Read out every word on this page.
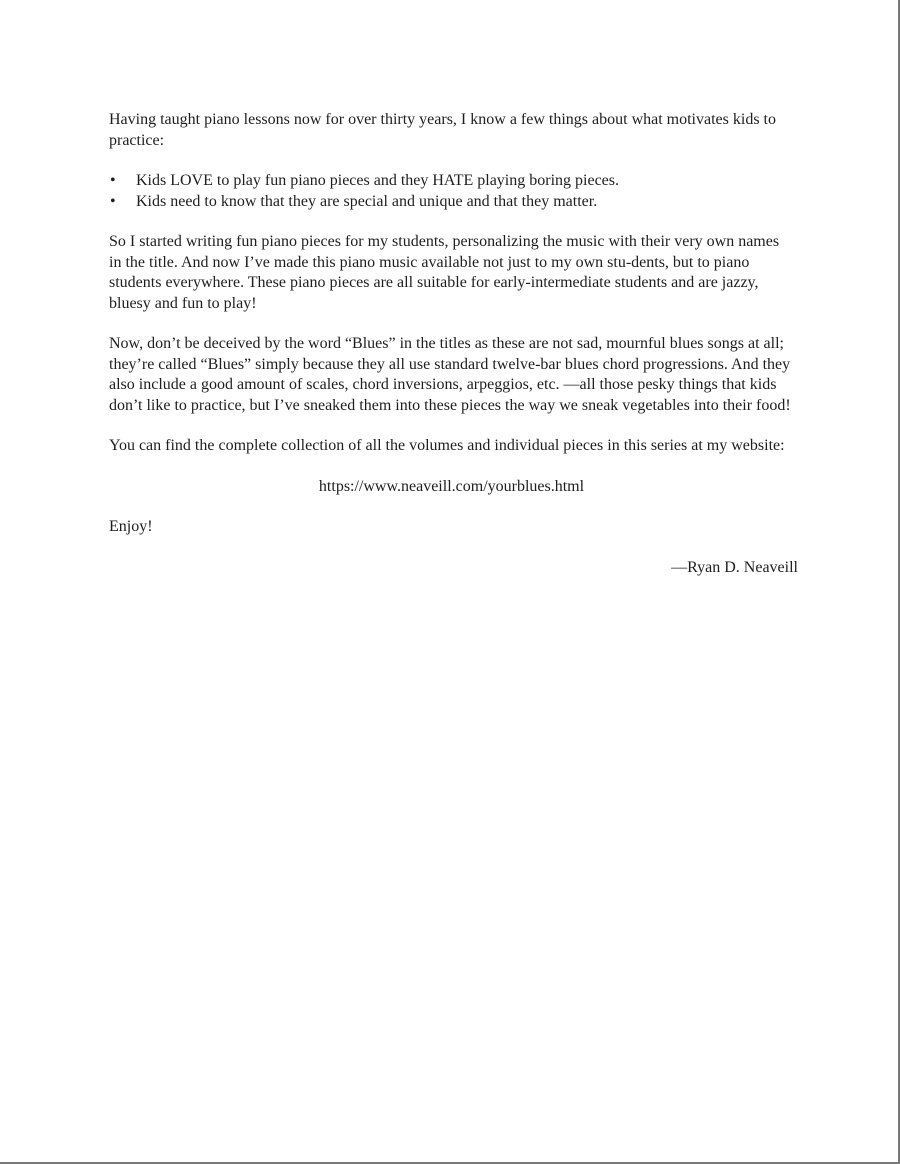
Having taught piano lessons now for over thirty years, I know a few things about what motivates kids to practice:

• Kids LOVE to play fun piano pieces and they HATE playing boring pieces.
• Kids need to know that they are special and unique and that they matter.

So I started writing fun piano pieces for my students, personalizing the music with their very own names in the title. And now I’ve made this piano music available not just to my own stu-dents, but to piano students everywhere. These piano pieces are all suitable for early-intermediate students and are jazzy, bluesy and fun to play!

Now, don’t be deceived by the word “Blues” in the titles as these are not sad, mournful blues songs at all; they’re called “Blues” simply because they all use standard twelve-bar blues chord progressions. And they also include a good amount of scales, chord inversions, arpeggios, etc. —all those pesky things that kids don’t like to practice, but I’ve sneaked them into these pieces the way we sneak vegetables into their food!

You can find the complete collection of all the volumes and individual pieces in this series at my website:

https://www.neaveill.com/yourblues.html

Enjoy!

—Ryan D. Neaveill
